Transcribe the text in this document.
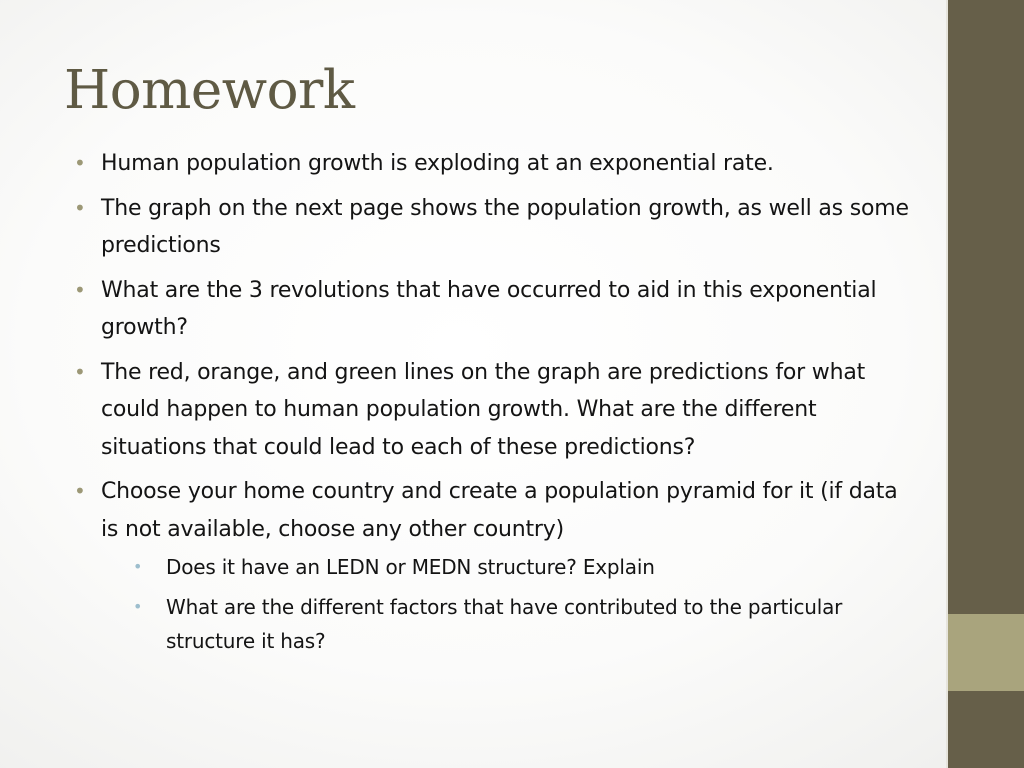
Homework
• Human population growth is exploding at an exponential rate.
• The graph on the next page shows the population growth, as well as some predictions
• What are the 3 revolutions that have occurred to aid in this exponential growth?
• The red, orange, and green lines on the graph are predictions for what could happen to human population growth. What are the different situations that could lead to each of these predictions?
• Choose your home country and create a population pyramid for it (if data is not available, choose any other country)
• Does it have an LEDN or MEDN structure? Explain
• What are the different factors that have contributed to the particular structure it has?
